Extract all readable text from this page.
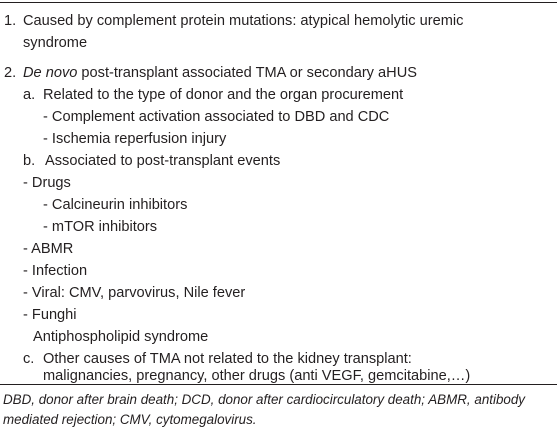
1. Caused by complement protein mutations: atypical hemolytic uremic
syndrome
2. De novo post-transplant associated TMA or secondary aHUS
a. Related to the type of donor and the organ procurement
- Complement activation associated to DBD and CDC
- Ischemia reperfusion injury
b. Associated to post-transplant events
- Drugs
- Calcineurin inhibitors
- mTOR inhibitors
- ABMR
- Infection
- Viral: CMV, parvovirus, Nile fever
- Funghi
Antiphospholipid syndrome
c. Other causes of TMA not related to the kidney transplant:
malignancies, pregnancy, other drugs (anti VEGF, gemcitabine,…)
DBD, donor after brain death; DCD, donor after cardiocirculatory death; ABMR, antibody
mediated rejection; CMV, cytomegalovirus.
